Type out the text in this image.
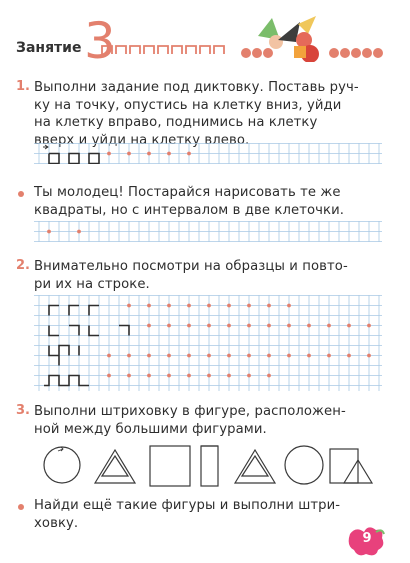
Занятие 3
1. Выполни задание под диктовку. Поставь руч-
ку на точку, опустись на клетку вниз, уйди
на клетку вправо, поднимись на клетку
вверх и уйди на клетку влево.
Ты молодец! Постарайся нарисовать те же
квадраты, но с интервалом в две клеточки.
2. Внимательно посмотри на образцы и повто-
ри их на строке.
3. Выполни штриховку в фигуре, расположен-
ной между большими фигурами.
Найди ещё такие фигуры и выполни штри-
ховку.
9
